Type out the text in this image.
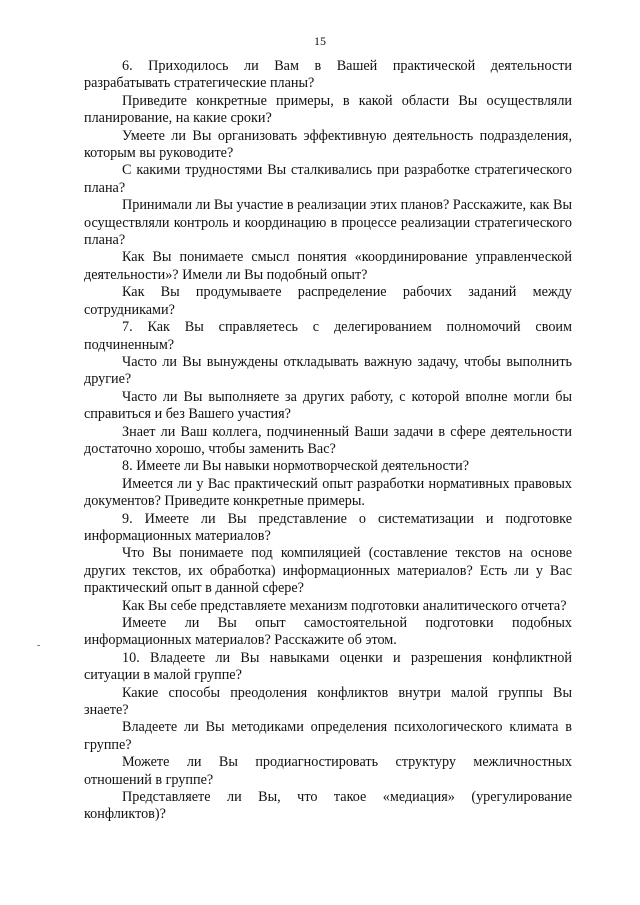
15
-

6. Приходилось ли Вам в Вашей практической деятельности разрабатывать стратегические планы?

Приведите конкретные примеры, в какой области Вы осуществляли планирование, на какие сроки?

Умеете ли Вы организовать эффективную деятельность подразделения, которым вы руководите?

С какими трудностями Вы сталкивались при разработке стратегического плана?

Принимали ли Вы участие в реализации этих планов? Расскажите, как Вы осуществляли контроль и координацию в процессе реализации стратегического плана?

Как Вы понимаете смысл понятия «координирование управленческой деятельности»? Имели ли Вы подобный опыт?

Как Вы продумываете распределение рабочих заданий между сотрудниками?

7. Как Вы справляетесь с делегированием полномочий своим подчиненным?

Часто ли Вы вынуждены откладывать важную задачу, чтобы выполнить другие?

Часто ли Вы выполняете за других работу, с которой вполне могли бы справиться и без Вашего участия?

Знает ли Ваш коллега, подчиненный Ваши задачи в сфере деятельности достаточно хорошо, чтобы заменить Вас?

8. Имеете ли Вы навыки нормотворческой деятельности?

Имеется ли у Вас практический опыт разработки нормативных правовых документов? Приведите конкретные примеры.

9. Имеете ли Вы представление о систематизации и подготовке информационных материалов?

Что Вы понимаете под компиляцией (составление текстов на основе других текстов, их обработка) информационных материалов? Есть ли у Вас практический опыт в данной сфере?

Как Вы себе представляете механизм подготовки аналитического отчета?

Имеете ли Вы опыт самостоятельной подготовки подобных информационных материалов? Расскажите об этом.

10. Владеете ли Вы навыками оценки и разрешения конфликтной ситуации в малой группе?

Какие способы преодоления конфликтов внутри малой группы Вы знаете?

Владеете ли Вы методиками определения психологического климата в группе?

Можете ли Вы продиагностировать структуру межличностных отношений в группе?

Представляете ли Вы, что такое «медиация» (урегулирование конфликтов)?
